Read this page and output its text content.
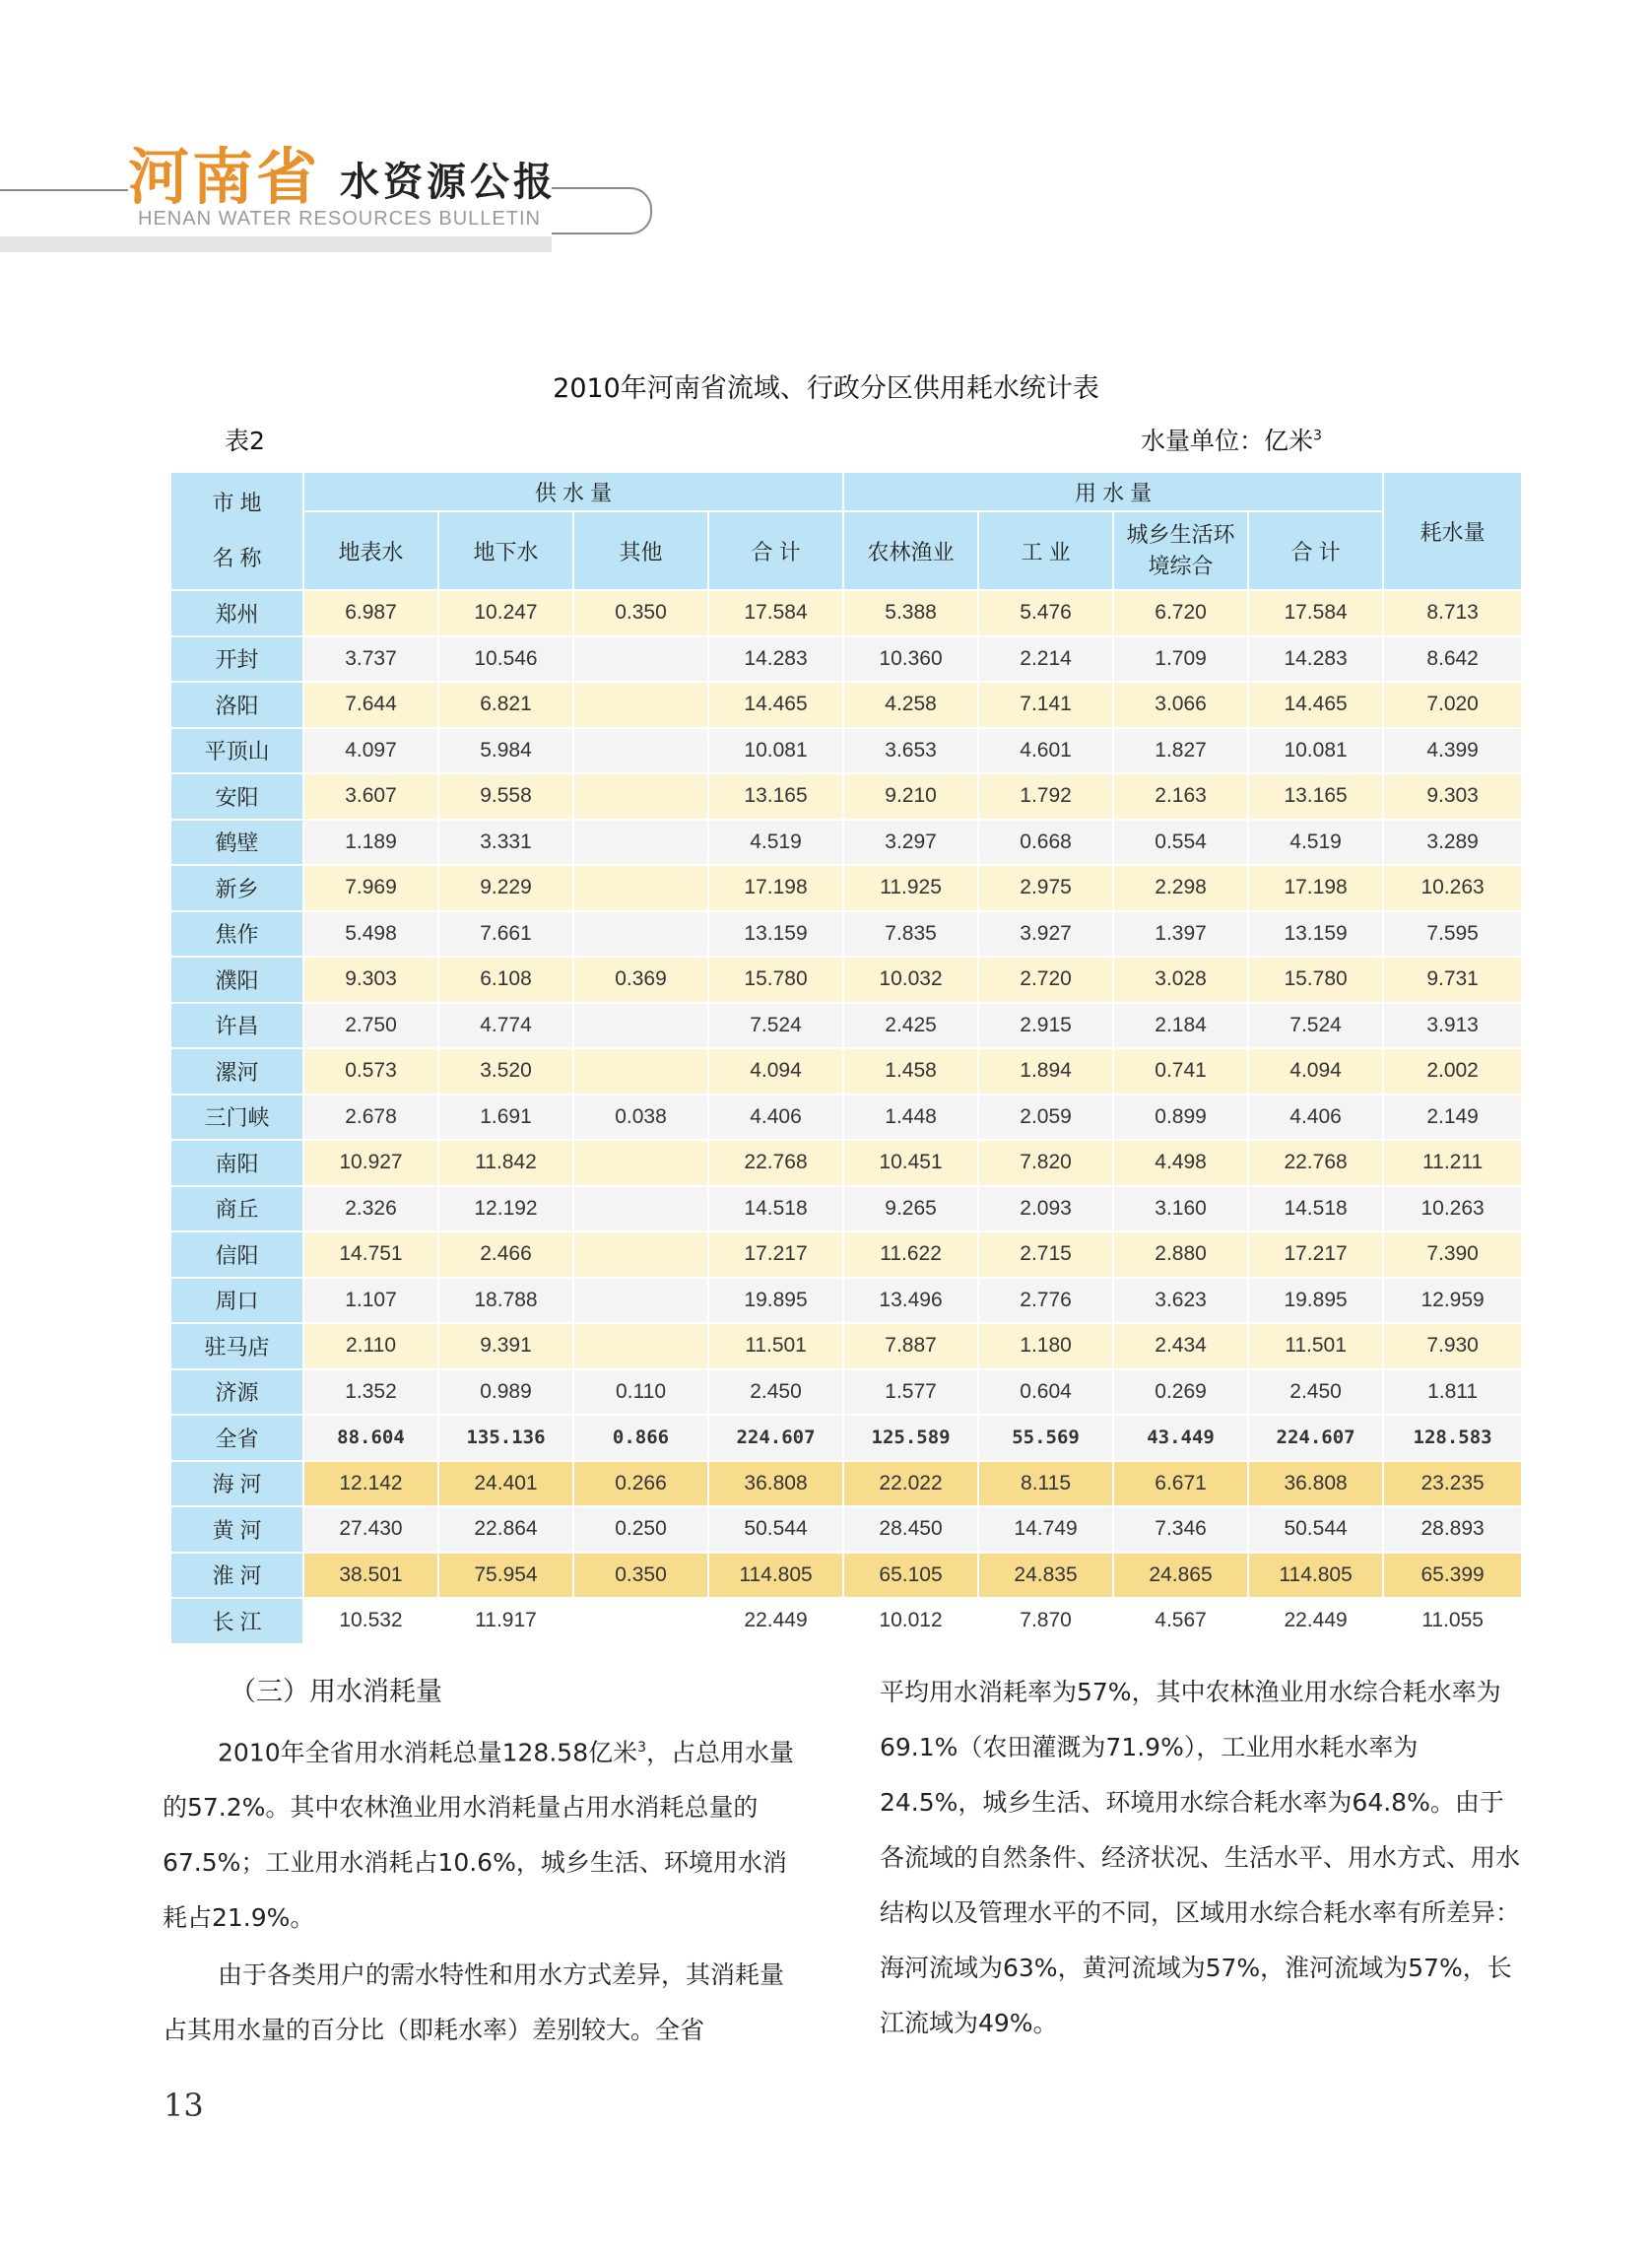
河南省 水资源公报
HENAN WATER RESOURCES BULLETIN
2010年河南省流域、行政分区供用耗水统计表
表2	水量单位：亿米$^3$
市 地
名 称	供 水 量				用 水 量				耗水量
	地表水	地下水	其他	合 计	农林渔业	工 业	城乡生活环境综合	合 计	
郑州	6.987	10.247	0.350	17.584	5.388	5.476	6.720	17.584	8.713
开封	3.737	10.546		14.283	10.360	2.214	1.709	14.283	8.642
洛阳	7.644	6.821		14.465	4.258	7.141	3.066	14.465	7.020
平顶山	4.097	5.984		10.081	3.653	4.601	1.827	10.081	4.399
安阳	3.607	9.558		13.165	9.210	1.792	2.163	13.165	9.303
鹤壁	1.189	3.331		4.519	3.297	0.668	0.554	4.519	3.289
新乡	7.969	9.229		17.198	11.925	2.975	2.298	17.198	10.263
焦作	5.498	7.661		13.159	7.835	3.927	1.397	13.159	7.595
濮阳	9.303	6.108	0.369	15.780	10.032	2.720	3.028	15.780	9.731
许昌	2.750	4.774		7.524	2.425	2.915	2.184	7.524	3.913
漯河	0.573	3.520		4.094	1.458	1.894	0.741	4.094	2.002
三门峡	2.678	1.691	0.038	4.406	1.448	2.059	0.899	4.406	2.149
南阳	10.927	11.842		22.768	10.451	7.820	4.498	22.768	11.211
商丘	2.326	12.192		14.518	9.265	2.093	3.160	14.518	10.263
信阳	14.751	2.466		17.217	11.622	2.715	2.880	17.217	7.390
周口	1.107	18.788		19.895	13.496	2.776	3.623	19.895	12.959
驻马店	2.110	9.391		11.501	7.887	1.180	2.434	11.501	7.930
济源	1.352	0.989	0.110	2.450	1.577	0.604	0.269	2.450	1.811
全省	88.604	135.136	0.866	224.607	125.589	55.569	43.449	224.607	128.583
海 河	12.142	24.401	0.266	36.808	22.022	8.115	6.671	36.808	23.235
黄 河	27.430	22.864	0.250	50.544	28.450	14.749	7.346	50.544	28.893
淮 河	38.501	75.954	0.350	114.805	65.105	24.835	24.865	114.805	65.399
长 江	10.532	11.917		22.449	10.012	7.870	4.567	22.449	11.055

（三）用水消耗量

2010年全省用水消耗总量128.58亿米$^3$，占总用水量的57.2%。其中农林渔业用水消耗量占用水消耗总量的67.5%；工业用水消耗占10.6%，城乡生活、环境用水消耗占21.9%。

由于各类用户的需水特性和用水方式差异，其消耗量占其用水量的百分比（即耗水率）差别较大。全省

平均用水消耗率为57%，其中农林渔业用水综合耗水率为69.1%（农田灌溉为71.9%），工业用水耗水率为24.5%，城乡生活、环境用水综合耗水率为64.8%。由于各流域的自然条件、经济状况、生活水平、用水方式、用水结构以及管理水平的不同，区域用水综合耗水率有所差异：海河流域为63%，黄河流域为57%，淮河流域为57%，长江流域为49%。

13
